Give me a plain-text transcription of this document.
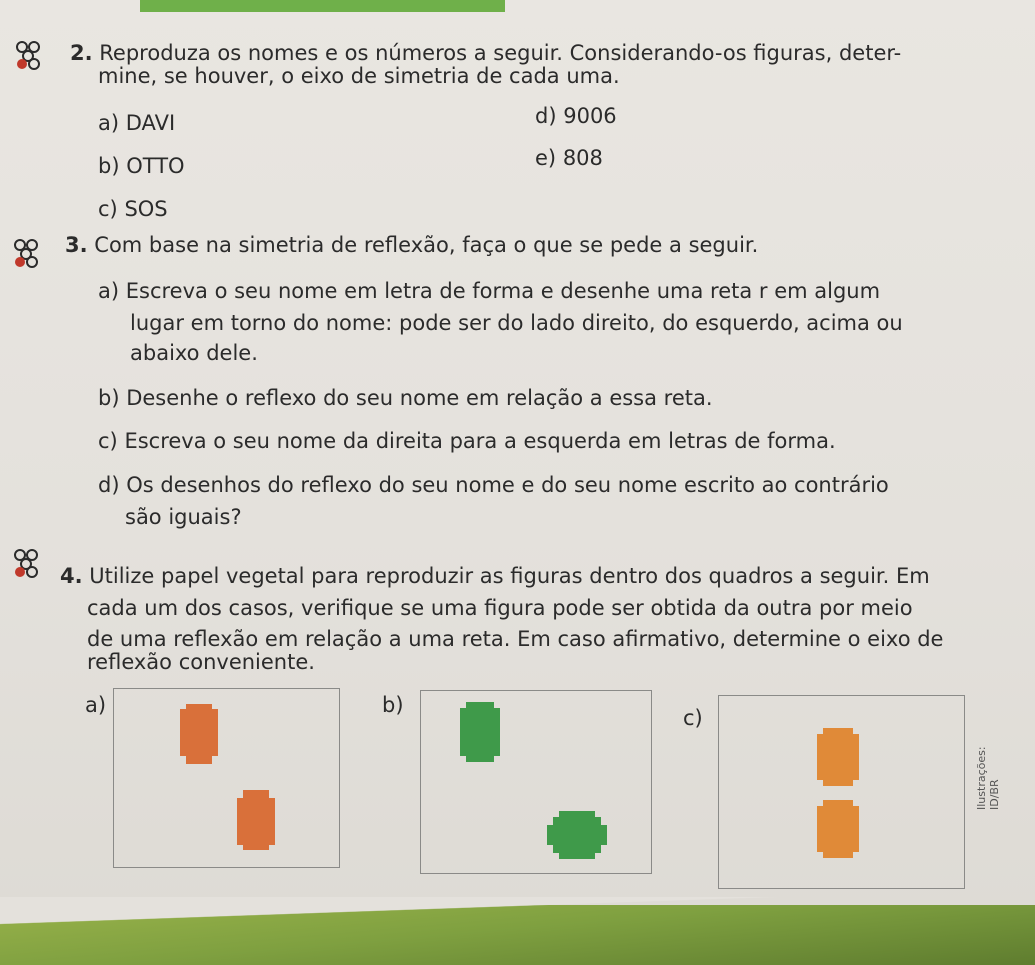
2. Reproduza os nomes e os números a seguir. Considerando-os figuras, deter-
mine, se houver, o eixo de simetria de cada uma.
a) DAVI
b) OTTO
c) SOS
d) 9006
e) 808
3. Com base na simetria de reflexão, faça o que se pede a seguir.
a) Escreva o seu nome em letra de forma e desenhe uma reta r em algum
lugar em torno do nome: pode ser do lado direito, do esquerdo, acima ou
abaixo dele.
b) Desenhe o reflexo do seu nome em relação a essa reta.
c) Escreva o seu nome da direita para a esquerda em letras de forma.
d) Os desenhos do reflexo do seu nome e do seu nome escrito ao contrário
são iguais?
4. Utilize papel vegetal para reproduzir as figuras dentro dos quadros a seguir. Em
cada um dos casos, verifique se uma figura pode ser obtida da outra por meio
de uma reflexão em relação a uma reta. Em caso afirmativo, determine o eixo de
reflexão conveniente.
a)	b)
c)
Ilustrações: ID/BR
